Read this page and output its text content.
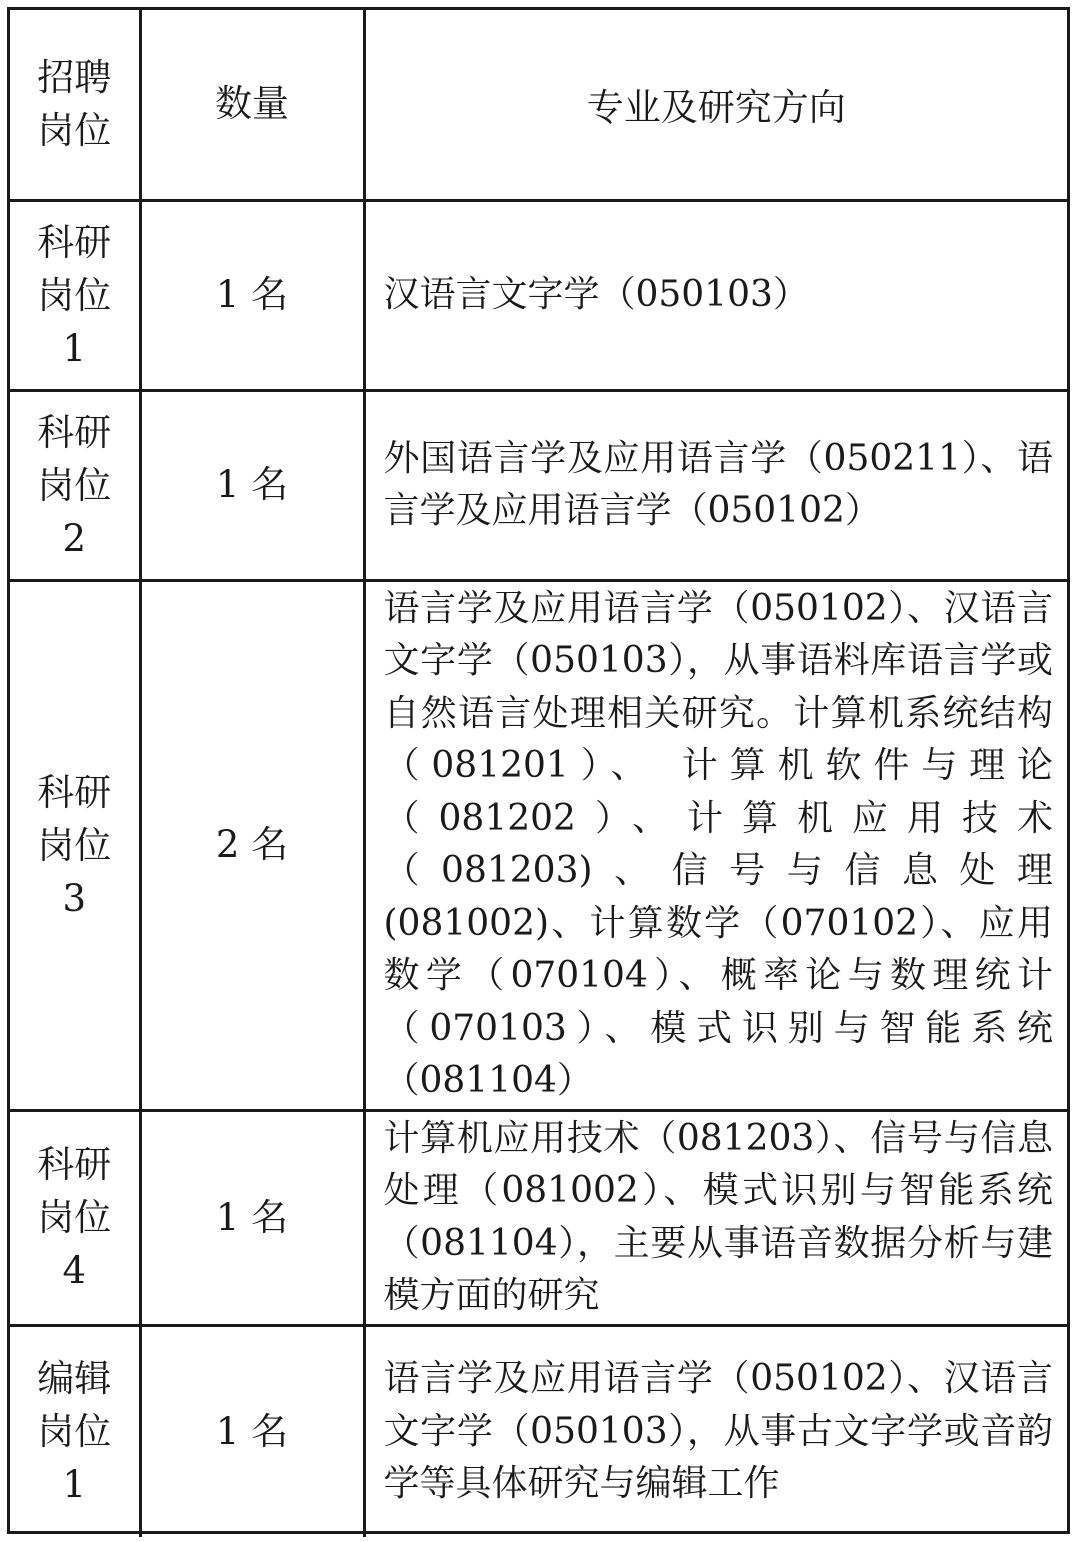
招聘
岗位	数量	专业及研究方向

科研
岗位
1	1 名	汉语言文字学（050103）

科研
岗位
2	1 名	外国语言学及应用语言学（050211）、语言学及应用语言学（050102）

科研
岗位
3	2 名	语言学及应用语言学（050102）、汉语言文字学（050103），从事语料库语言学或自然语言处理相关研究。计算机系统结构（081201）、 计算机软件与理论（081202）、计算机应用技术（081203)、信号与信息处理(081002)、计算数学（070102）、应用数学（070104）、概率论与数理统计（070103）、模式识别与智能系统（081104）

科研
岗位
4	1 名	计算机应用技术（081203）、信号与信息处理（081002）、模式识别与智能系统（081104），主要从事语音数据分析与建模方面的研究

编辑
岗位
1	1 名	语言学及应用语言学（050102）、汉语言文字学（050103），从事古文字学或音韵学等具体研究与编辑工作
